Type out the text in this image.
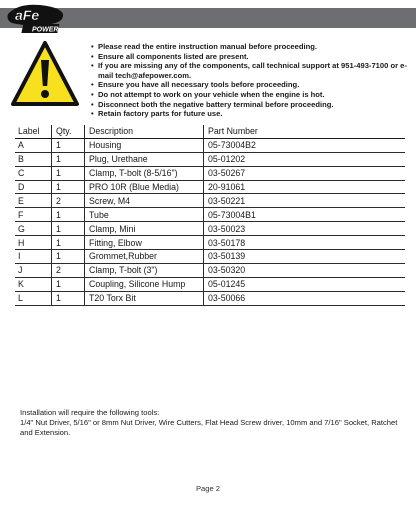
aFe
POWER
• Please read the entire instruction manual before proceeding.
• Ensure all components listed are present.
• If you are missing any of the components, call technical support at 951-493-7100 or e-mail tech@afepower.com.
• Ensure you have all necessary tools before proceeding.
• Do not attempt to work on your vehicle when the engine is hot.
• Disconnect both the negative battery terminal before proceeding.
• Retain factory parts for future use.
Label	Qty.	Description	Part Number
A	1	Housing	05-73004B2
B	1	Plug, Urethane	05-01202
C	1	Clamp, T-bolt (8-5/16")	03-50267
D	1	PRO 10R (Blue Media)	20-91061
E	2	Screw, M4	03-50221
F	1	Tube	05-73004B1
G	1	Clamp, Mini	03-50023
H	1	Fitting, Elbow	03-50178
I	1	Grommet,Rubber	03-50139
J	2	Clamp, T-bolt (3")	03-50320
K	1	Coupling, Silicone Hump	05-01245
L	1	T20 Torx Bit	03-50066

Installation will require the following tools:

1/4" Nut Driver, 5/16" or 8mm Nut Driver, Wire Cutters, Flat Head Screw driver, 10mm and 7/16" Socket, Ratchet and Extension.

Page 2
